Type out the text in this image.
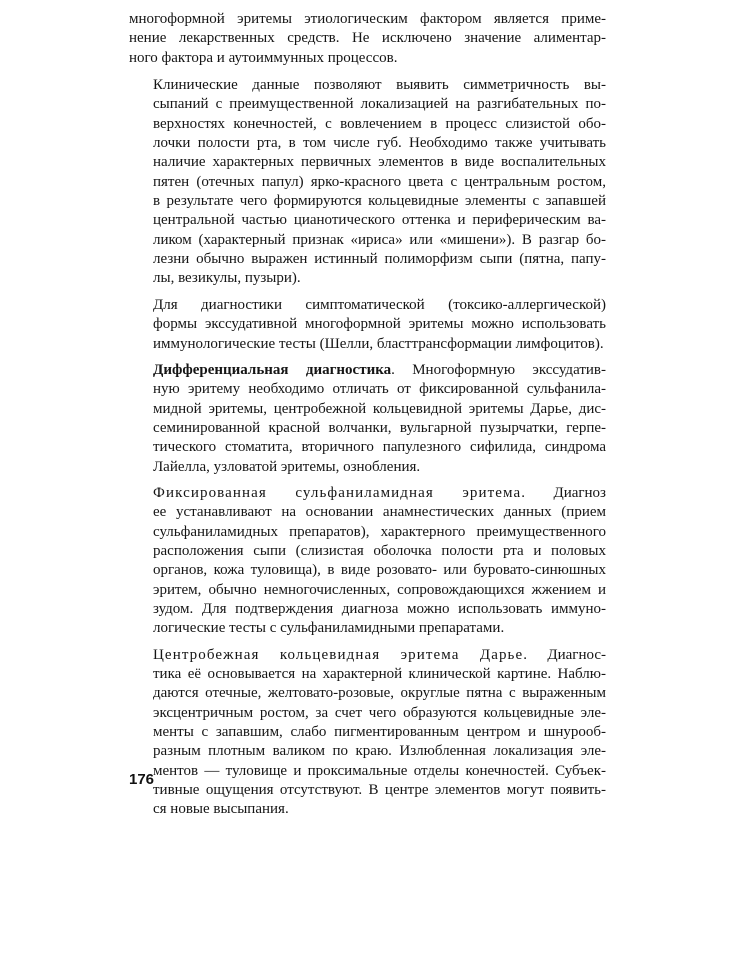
многоформной эритемы этиологическим фактором является приме-
нение лекарственных средств. Не исключено значение алиментар-
ного фактора и аутоиммунных процессов.

Клинические данные позволяют выявить симметричность вы-
сыпаний с преимущественной локализацией на разгибательных по-
верхностях конечностей, с вовлечением в процесс слизистой обо-
лочки полости рта, в том числе губ. Необходимо также учитывать
наличие характерных первичных элементов в виде воспалительных
пятен (отечных папул) ярко-красного цвета с центральным ростом,
в результате чего формируются кольцевидные элементы с запавшей
центральной частью цианотического оттенка и периферическим ва-
ликом (характерный признак «ириса» или «мишени»). В разгар бо-
лезни обычно выражен истинный полиморфизм сыпи (пятна, папу-
лы, везикулы, пузыри).

Для диагностики симптоматической (токсико-аллергической)
формы экссудативной многоформной эритемы можно использовать
иммунологические тесты (Шелли, бласттрансформации лимфоцитов).

Дифференциальная диагностика. Многоформную экссудатив-
ную эритему необходимо отличать от фиксированной сульфанила-
мидной эритемы, центробежной кольцевидной эритемы Дарье, дис-
семинированной красной волчанки, вульгарной пузырчатки, герпе-
тического стоматита, вторичного папулезного сифилида, синдрома
Лайелла, узловатой эритемы, ознобления.

Фиксированная сульфаниламидная эритема. Диагноз
ее устанавливают на основании анамнестических данных (прием
сульфаниламидных препаратов), характерного преимущественного
расположения сыпи (слизистая оболочка полости рта и половых
органов, кожа туловища), в виде розовато- или буровато-синюшных
эритем, обычно немногочисленных, сопровождающихся жжением и
зудом. Для подтверждения диагноза можно использовать иммуно-
логические тесты с сульфаниламидными препаратами.

Центробежная кольцевидная эритема Дарье. Диагнос-
тика её основывается на характерной клинической картине. Наблю-
даются отечные, желтовато-розовые, округлые пятна с выраженным
эксцентричным ростом, за счет чего образуются кольцевидные эле-
менты с запавшим, слабо пигментированным центром и шнурооб-
разным плотным валиком по краю. Излюбленная локализация эле-
ментов — туловище и проксимальные отделы конечностей. Субъек-
тивные ощущения отсутствуют. В центре элементов могут появить-
ся новые высыпания.

176
